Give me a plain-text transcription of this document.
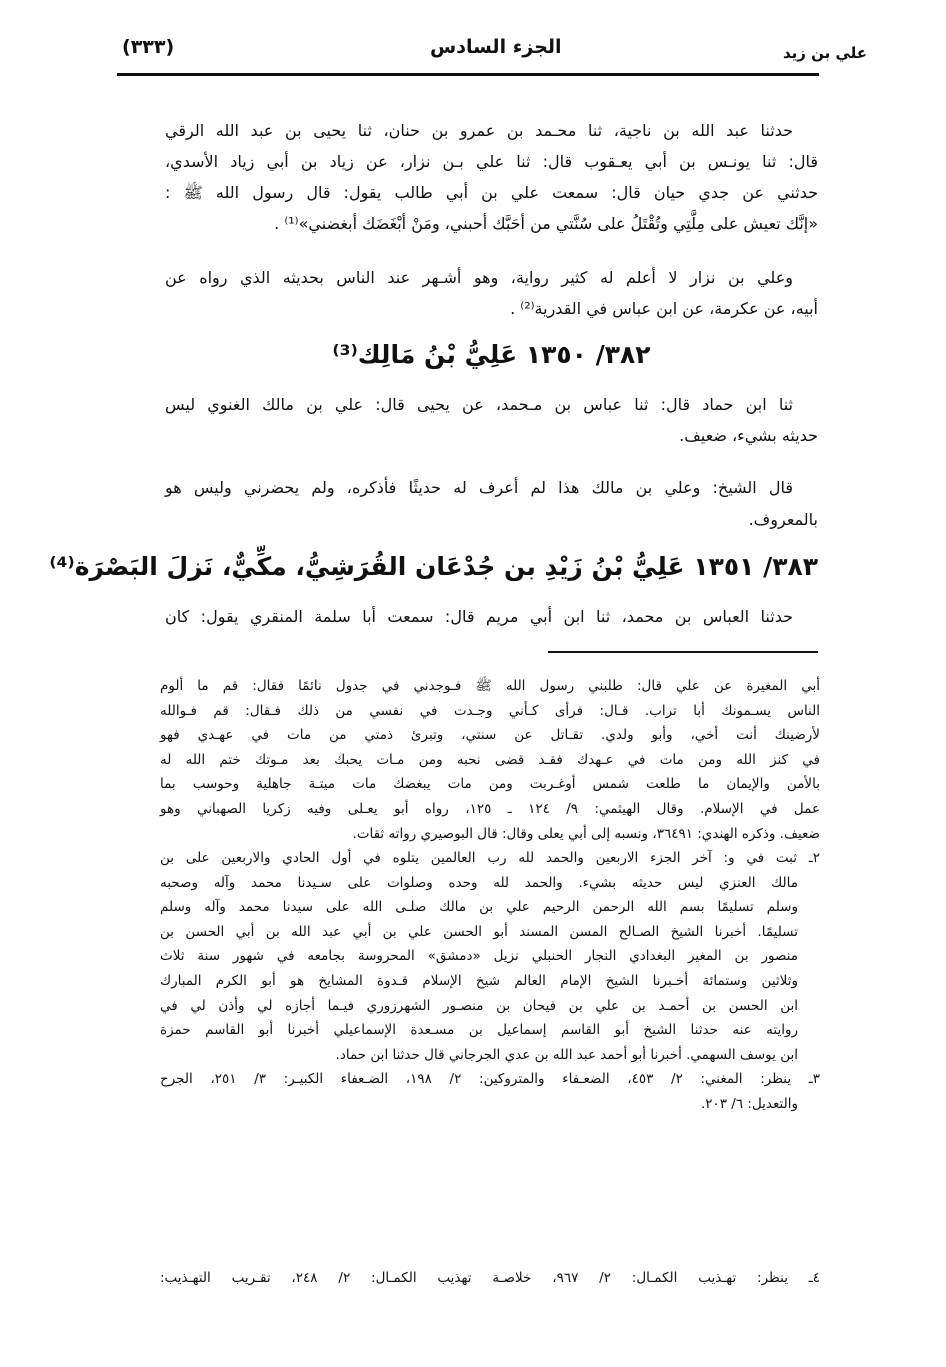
علي بن زيد
الجزء السادس
(٣٣٣)
حدثنا عبد الله بن ناجية، ثنا محـمد بن عمرو بن حنان، ثنا يحيى بن عبد الله الرقي
قال: ثنا يونـس بن أبي يعـقوب قال: ثنا علي بـن نزار، عن زياد بن أبي زياد الأسدي،
حدثني عن جدي حيان قال: سمعت علي بن أبي طالب يقول: قال رسول الله ﷺ :
«إنَّك تعيش على مِلَّتِي وتُقْتَلُ على سُنَّتي من أحَبَّك أحبني، ومَنْ أبْغَضَك أبغضني»⁽¹⁾ .
وعلي بن نزار لا أعلم له كثير رواية، وهو أشـهر عند الناس بحديثه الذي رواه عن
أبيه، عن عكرمة، عن ابن عباس في القدرية⁽²⁾ .
٣٨٢/ ١٣٥٠ عَلِيُّ بْنُ مَالِك⁽³⁾
ثنا ابن حماد قال: ثنا عباس بن مـحمد، عن يحيى قال: علي بن مالك الغنوي ليس
حديثه بشيء، ضعيف.
قال الشيخ: وعلي بن مالك هذا لم أعرف له حديثًا فأذكره، ولم يحضرني وليس هو
بالمعروف.
٣٨٣/ ١٣٥١ عَلِيُّ بْنُ زَيْدِ بن جُدْعَان القُرَشِيُّ، مكِّيٌّ، نَزلَ البَصْرَة⁽⁴⁾
حدثنا العباس بن محمد، ثنا ابن أبي مريم قال: سمعت أبا سلمة المنقري يقول: كان
أبي المغيرة عن علي قال: طلبني رسول الله ﷺ فـوجدني في جدول نائمًا فقال: قم ما ألوم
الناس يسـمونك أبا تراب. قـال: فرأى كـأني وجـدت في نفسي من ذلك فـقال: قم فـوالله
لأرضينك أنت أخي، وأبو ولدي. تقـاتل عن سنتي، وتبرئ ذمتي من مات في عهـدي فهو
في كنز الله ومن مات في عـهدك فقـد قضى نحبه ومن مـات يحبك بعد مـوتك ختم الله له
بالأمن والإيمان ما طلعت شمس أوغـربت ومن مات يبغضك مات ميتـة جاهلية وحوسب بما
عمل في الإسلام. وقال الهيثمي: ٩/ ١٢٤ ـ ١٢٥، رواه أبو يعـلى وفيه زكريا الصهباني وهو
ضعيف. وذكره الهندي: ٣٦٤٩١، ونسبه إلى أبي يعلى وقال: قال البوصيري رواته ثقات.
٢ـ ثبت في و: آخر الجزء الاربعين والحمد لله رب العالمين يتلوه في أول الحادي والاربعين على بن
مالك العنزي ليس حديثه بشيء. والحمد لله وحده وصلوات على سـيدنا محمد وآله وصحبه
وسلم تسليمًا بسم الله الرحمن الرحيم علي بن مالك صلـى الله على سيدنا محمد وآله وسلم
تسليمًا. أخبرنا الشيخ الصـالح المسن المسند أبو الحسن علي بن أبي عبد الله بن أبي الحسن بن
منصور بن المغير البغدادي النجار الحنبلي نزيل «دمشق» المحروسة بجامعه في شهور سنة ثلاث
وثلاثين وستمائة أخـبرنا الشيخ الإمام العالم شيخ الإسلام قـدوة المشايخ هو أبو الكرم المبارك
ابن الحسن بن أحمـد بن علي بن فيحان بن منصـور الشهرزوري فيـما أجازه لي وأذن لي في
روايته عنه حدثنا الشيخ أبو القاسم إسماعيل بن مسـعدة الإسماعيلي أخبرنا أبو القاسم حمزة
ابن يوسف السهمي. أخبرنا أبو أحمد عبد الله بن عدي الجرجاني قال حدثنا ابن حماد.
٣ـ ينظر: المغني: ٢/ ٤٥٣، الضعـفاء والمتروكين: ٢/ ١٩٨، الضـعفاء الكبيـر: ٣/ ٢٥١، الجرح
والتعديل: ٦/ ٢٠٣.
٤ـ ينظر: تهـذيب الكمـال: ٢/ ٩٦٧، خلاصـة تهذيب الكمـال: ٢/ ٢٤٨، تقـريب التهـذيب:
